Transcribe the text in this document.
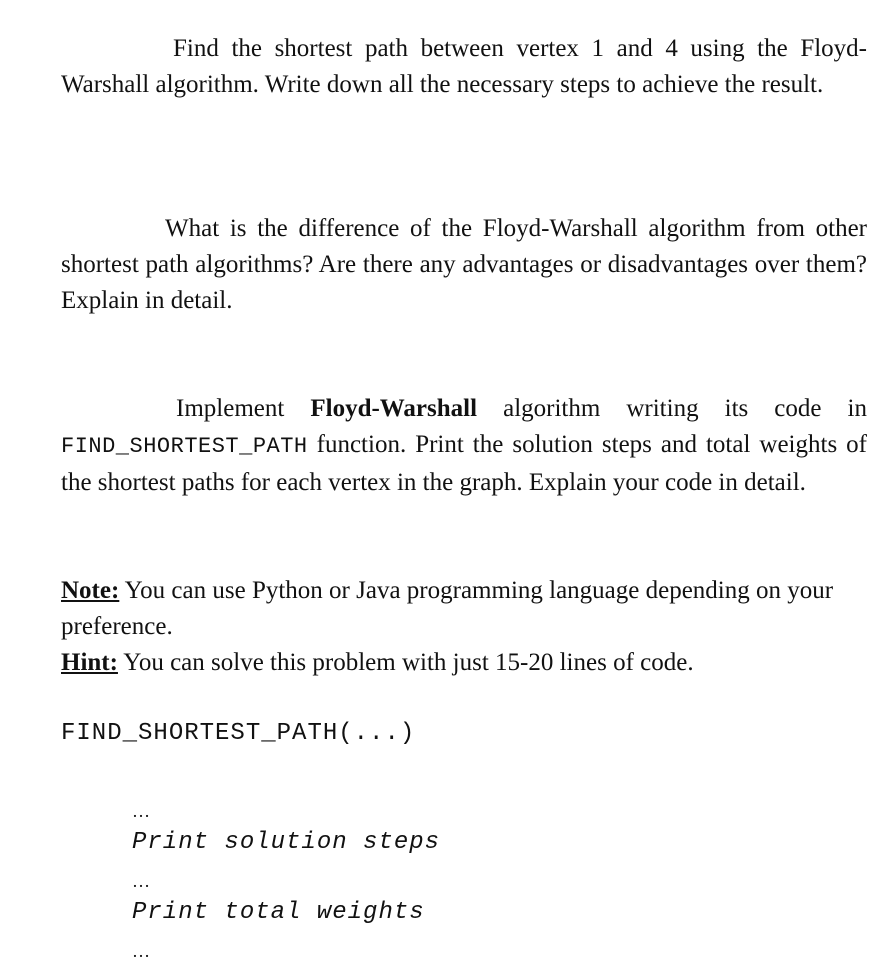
Find the shortest path between vertex 1 and 4 using the Floyd-Warshall algorithm. Write down all the necessary steps to achieve the result.
What is the difference of the Floyd-Warshall algorithm from other shortest path algorithms? Are there any advantages or disadvantages over them? Explain in detail.
Implement Floyd-Warshall algorithm writing its code in FIND_SHORTEST_PATH function. Print the solution steps and total weights of the shortest paths for each vertex in the graph. Explain your code in detail.
Note: You can use Python or Java programming language depending on your preference.
Hint: You can solve this problem with just 15-20 lines of code.
FIND_SHORTEST_PATH(...)
…
Print solution steps
…
Print total weights
…
